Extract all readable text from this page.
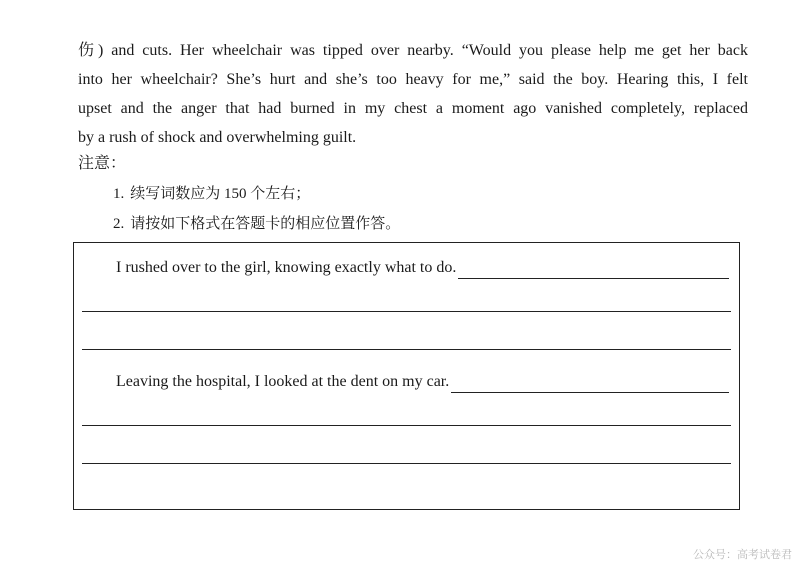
伤) and cuts. Her wheelchair was tipped over nearby. “Would you please help me get her back
into her wheelchair? She’s hurt and she’s too heavy for me,” said the boy. Hearing this, I felt
upset and the anger that had burned in my chest a moment ago vanished completely, replaced
by a rush of shock and overwhelming guilt.
注意：
1. 续写词数应为 150 个左右；
2. 请按如下格式在答题卡的相应位置作答。
I rushed over to the girl, knowing exactly what to do.
Leaving the hospital, I looked at the dent on my car.
公众号：高考试卷君
